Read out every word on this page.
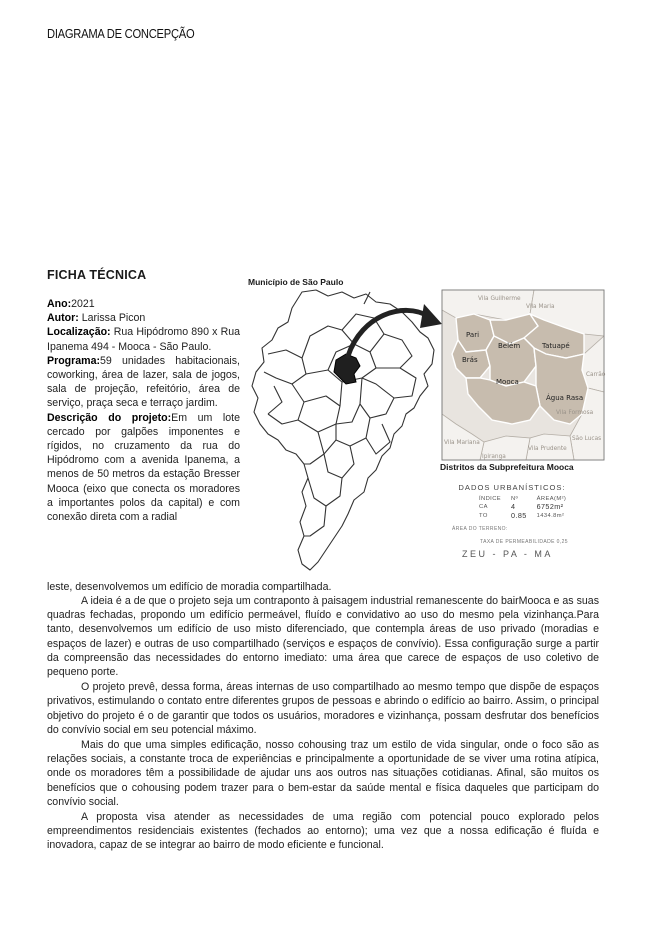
DIAGRAMA DE CONCEPÇÃO
FICHA TÉCNICA

Ano:2021

Autor: Larissa Picon

Localização: Rua Hipódromo 890 x Rua Ipanema 494 - Mooca - São Paulo.

Programa:59 unidades habitacionais, coworking, área de lazer, sala de jogos, sala de projeção, refeitório, área de serviço, praça seca e terraço jardim.

Descrição do projeto:Em um lote cercado por galpões imponentes e rígidos, no cruzamento da rua do Hipódromo com a avenida Ipanema, a menos de 50 metros da estação Bresser Mooca (eixo que conecta os moradores a importantes polos da capital) e com conexão direta com a radial

Pari
Belém	Tatuapé
Brás
Mooca
Água Rasa
Vila Guilherme
Vila Maria
Carrão
Vila Formosa
São Lucas
Vila Prudente
Ipiranga
Vila Mariana
Município de São Paulo
Distritos da Subprefeitura Mooca
DADOS URBANÍSTICOS:
ÍNDICE	Nº	ÁREA(M²)
CA	4	6752m²
TO	0.85	1434.8m²
ÁREA DO TERRENO:
TAXA DE PERMEABILIDADE 0,25
ZEU - PA - MA
leste, desenvolvemos um edifício de moradia compartilhada.

A ideia é a de que o projeto seja um contraponto à paisagem industrial remanescente do bairMooca e as suas quadras fechadas, propondo um edifício permeável, fluído e convidativo ao uso do mesmo pela vizinhança.Para tanto, desenvolvemos um edifício de uso misto diferenciado, que contempla áreas de uso privado (moradias e espaços de lazer) e outras de uso compartilhado (serviços e espaços de convívio). Essa configuração surge a partir da compreensão das necessidades do entorno imediato: uma área que carece de espaços de uso coletivo de pequeno porte.

O projeto prevê, dessa forma, áreas internas de uso compartilhado ao mesmo tempo que dispõe de espaços privativos, estimulando o contato entre diferentes grupos de pessoas e abrindo o edifício ao bairro. Assim, o principal objetivo do projeto é o de garantir que todos os usuários, moradores e vizinhança, possam desfrutar dos benefícios do convívio social em seu potencial máximo.

Mais do que uma simples edificação, nosso cohousing traz um estilo de vida singular, onde o foco são as relações sociais, a constante troca de experiências e principalmente a oportunidade de se viver uma rotina atípica, onde os moradores têm a possibilidade de ajudar uns aos outros nas situações cotidianas. Afinal, são muitos os benefícios que o cohousing podem trazer para o bem-estar da saúde mental e física daqueles que participam do convívio social.

A proposta visa atender as necessidades de uma região com potencial pouco explorado pelos empreendimentos residenciais existentes (fechados ao entorno); uma vez que a nossa edificação é fluída e inovadora, capaz de se integrar ao bairro de modo eficiente e funcional.
